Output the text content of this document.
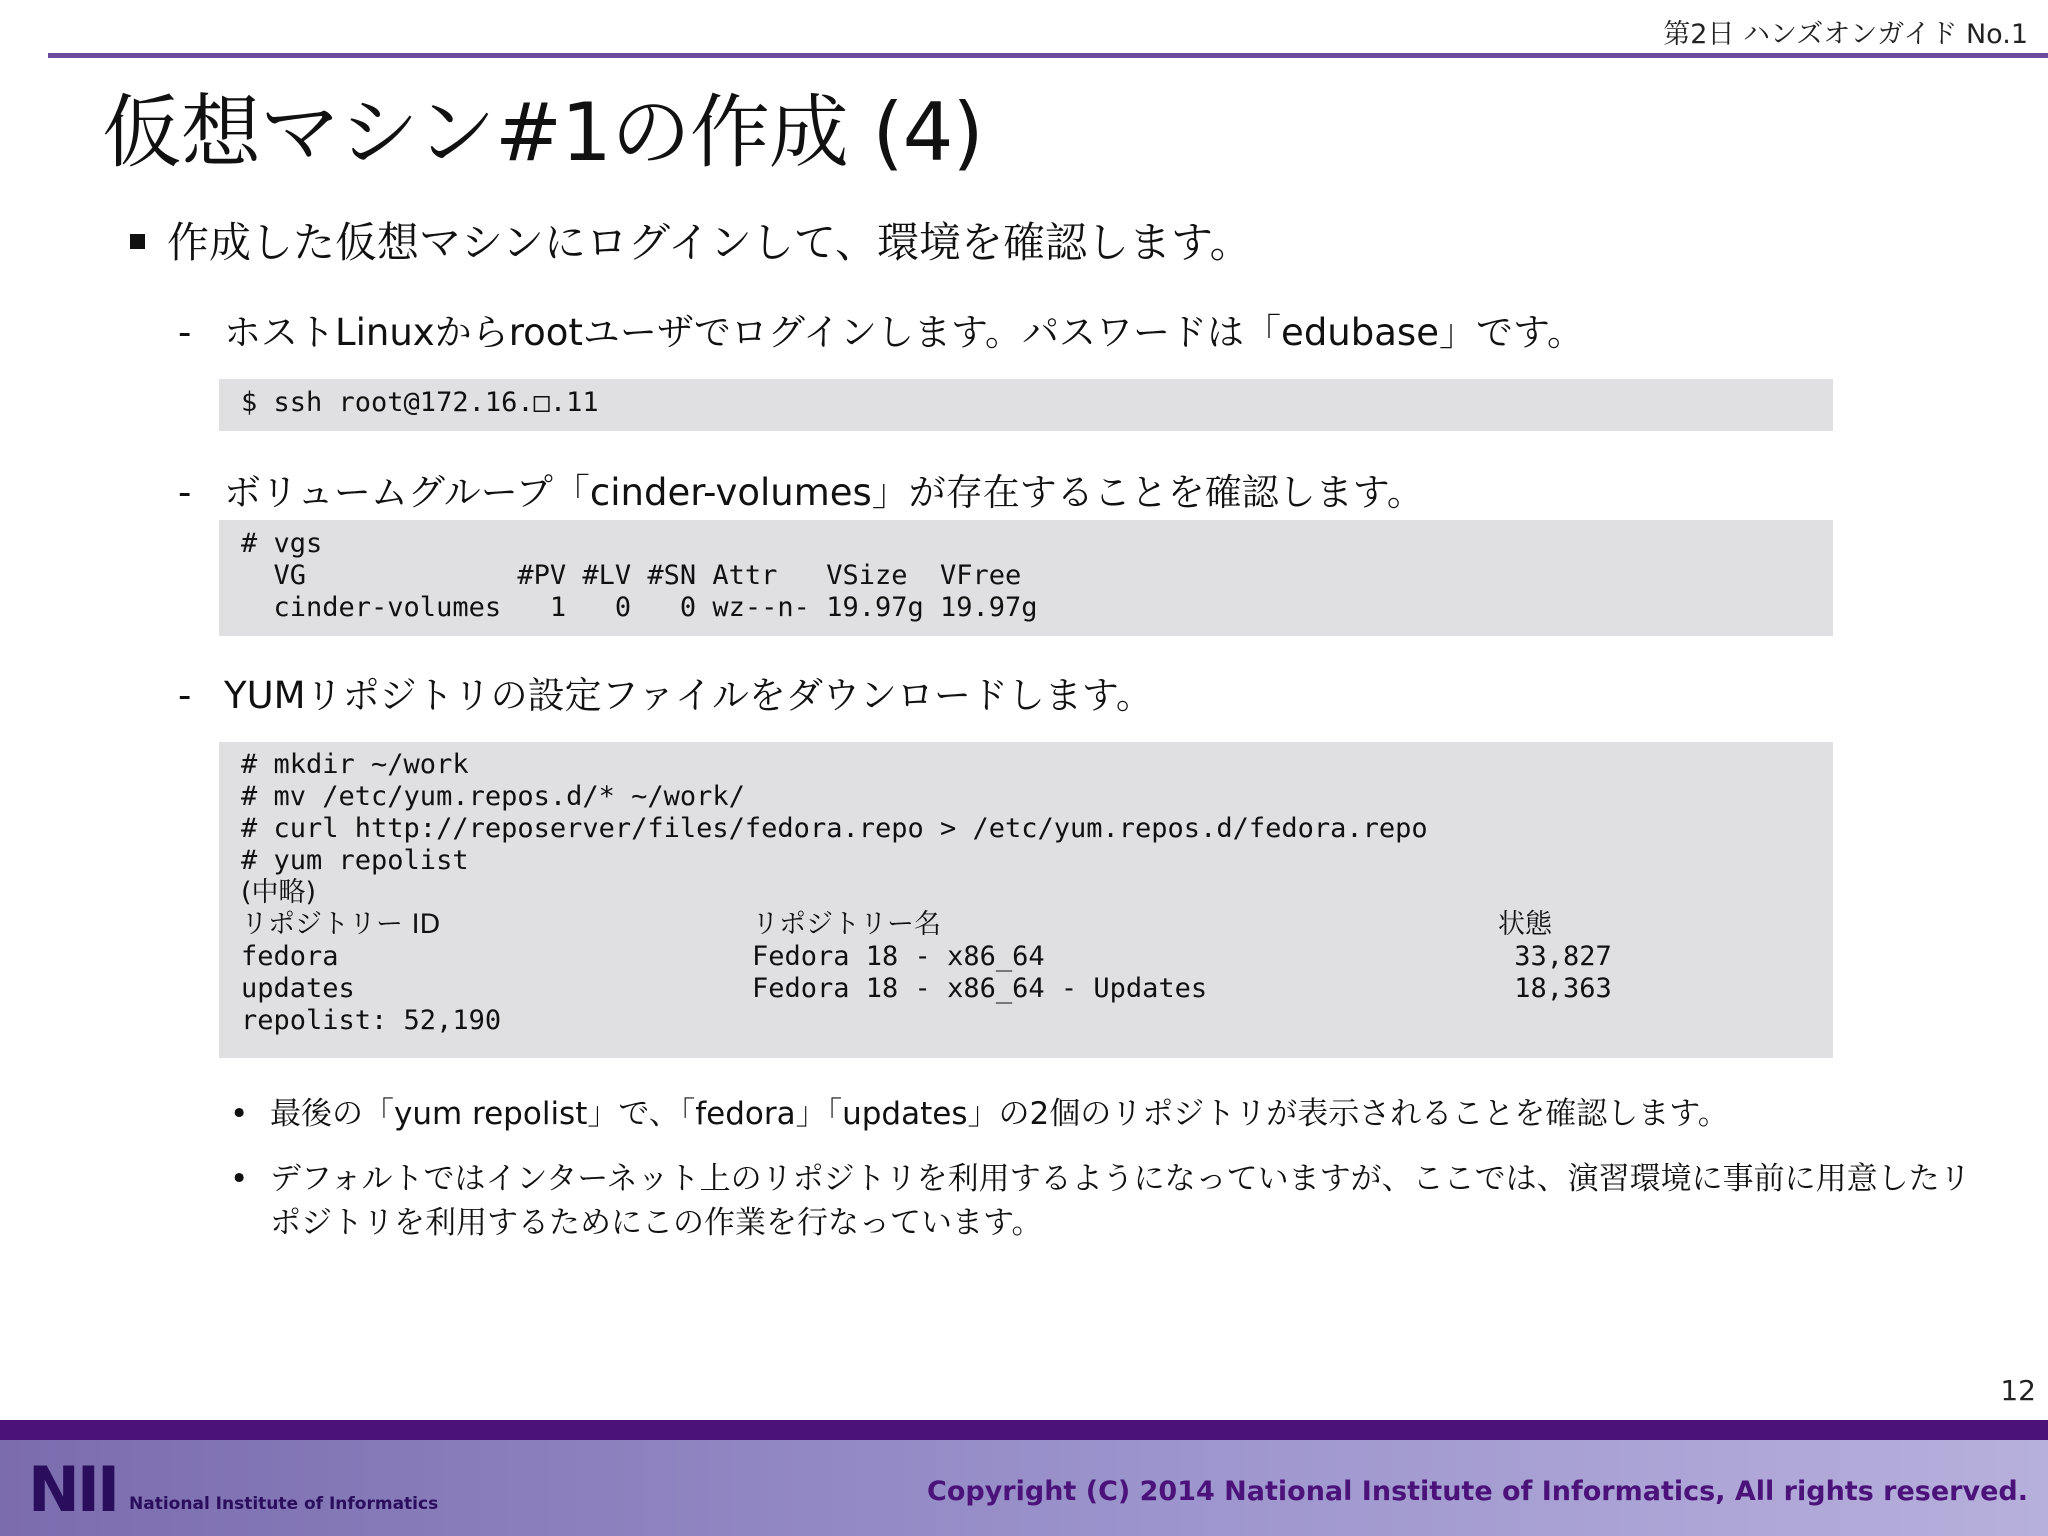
第2日 ハンズオンガイド No.1
仮想マシン#1の作成 (4)
作成した仮想マシンにログインして、環境を確認します。
- ホストLinuxからrootユーザでログインします。パスワードは「edubase」です。
$ ssh root@172.16.□.11
- ボリュームグループ「cinder-volumes」が存在することを確認します。
# vgs
VG             #PV #LV #SN Attr   VSize  VFree
cinder-volumes   1   0   0 wz--n- 19.97g 19.97g
- YUMリポジトリの設定ファイルをダウンロードします。
# mkdir ~/work
# mv /etc/yum.repos.d/* ~/work/
# curl http://reposerver/files/fedora.repo > /etc/yum.repos.d/fedora.repo
# yum repolist
(中略)
リポジトリー ID	リポジトリー名	状態
fedora	Fedora 18 - x86_64	33,827
updates	Fedora 18 - x86_64 - Updates	18,363
repolist: 52,190
• 最後の「yum repolist」で、「fedora」「updates」の2個のリポジトリが表示されることを確認します。
• デフォルトではインターネット上のリポジトリを利用するようになっていますが、ここでは、演習環境に事前に用意したリポジトリを利用するためにこの作業を行なっています。
12
NII National Institute of Informatics	Copyright (C) 2014 National Institute of Informatics, All rights reserved.
